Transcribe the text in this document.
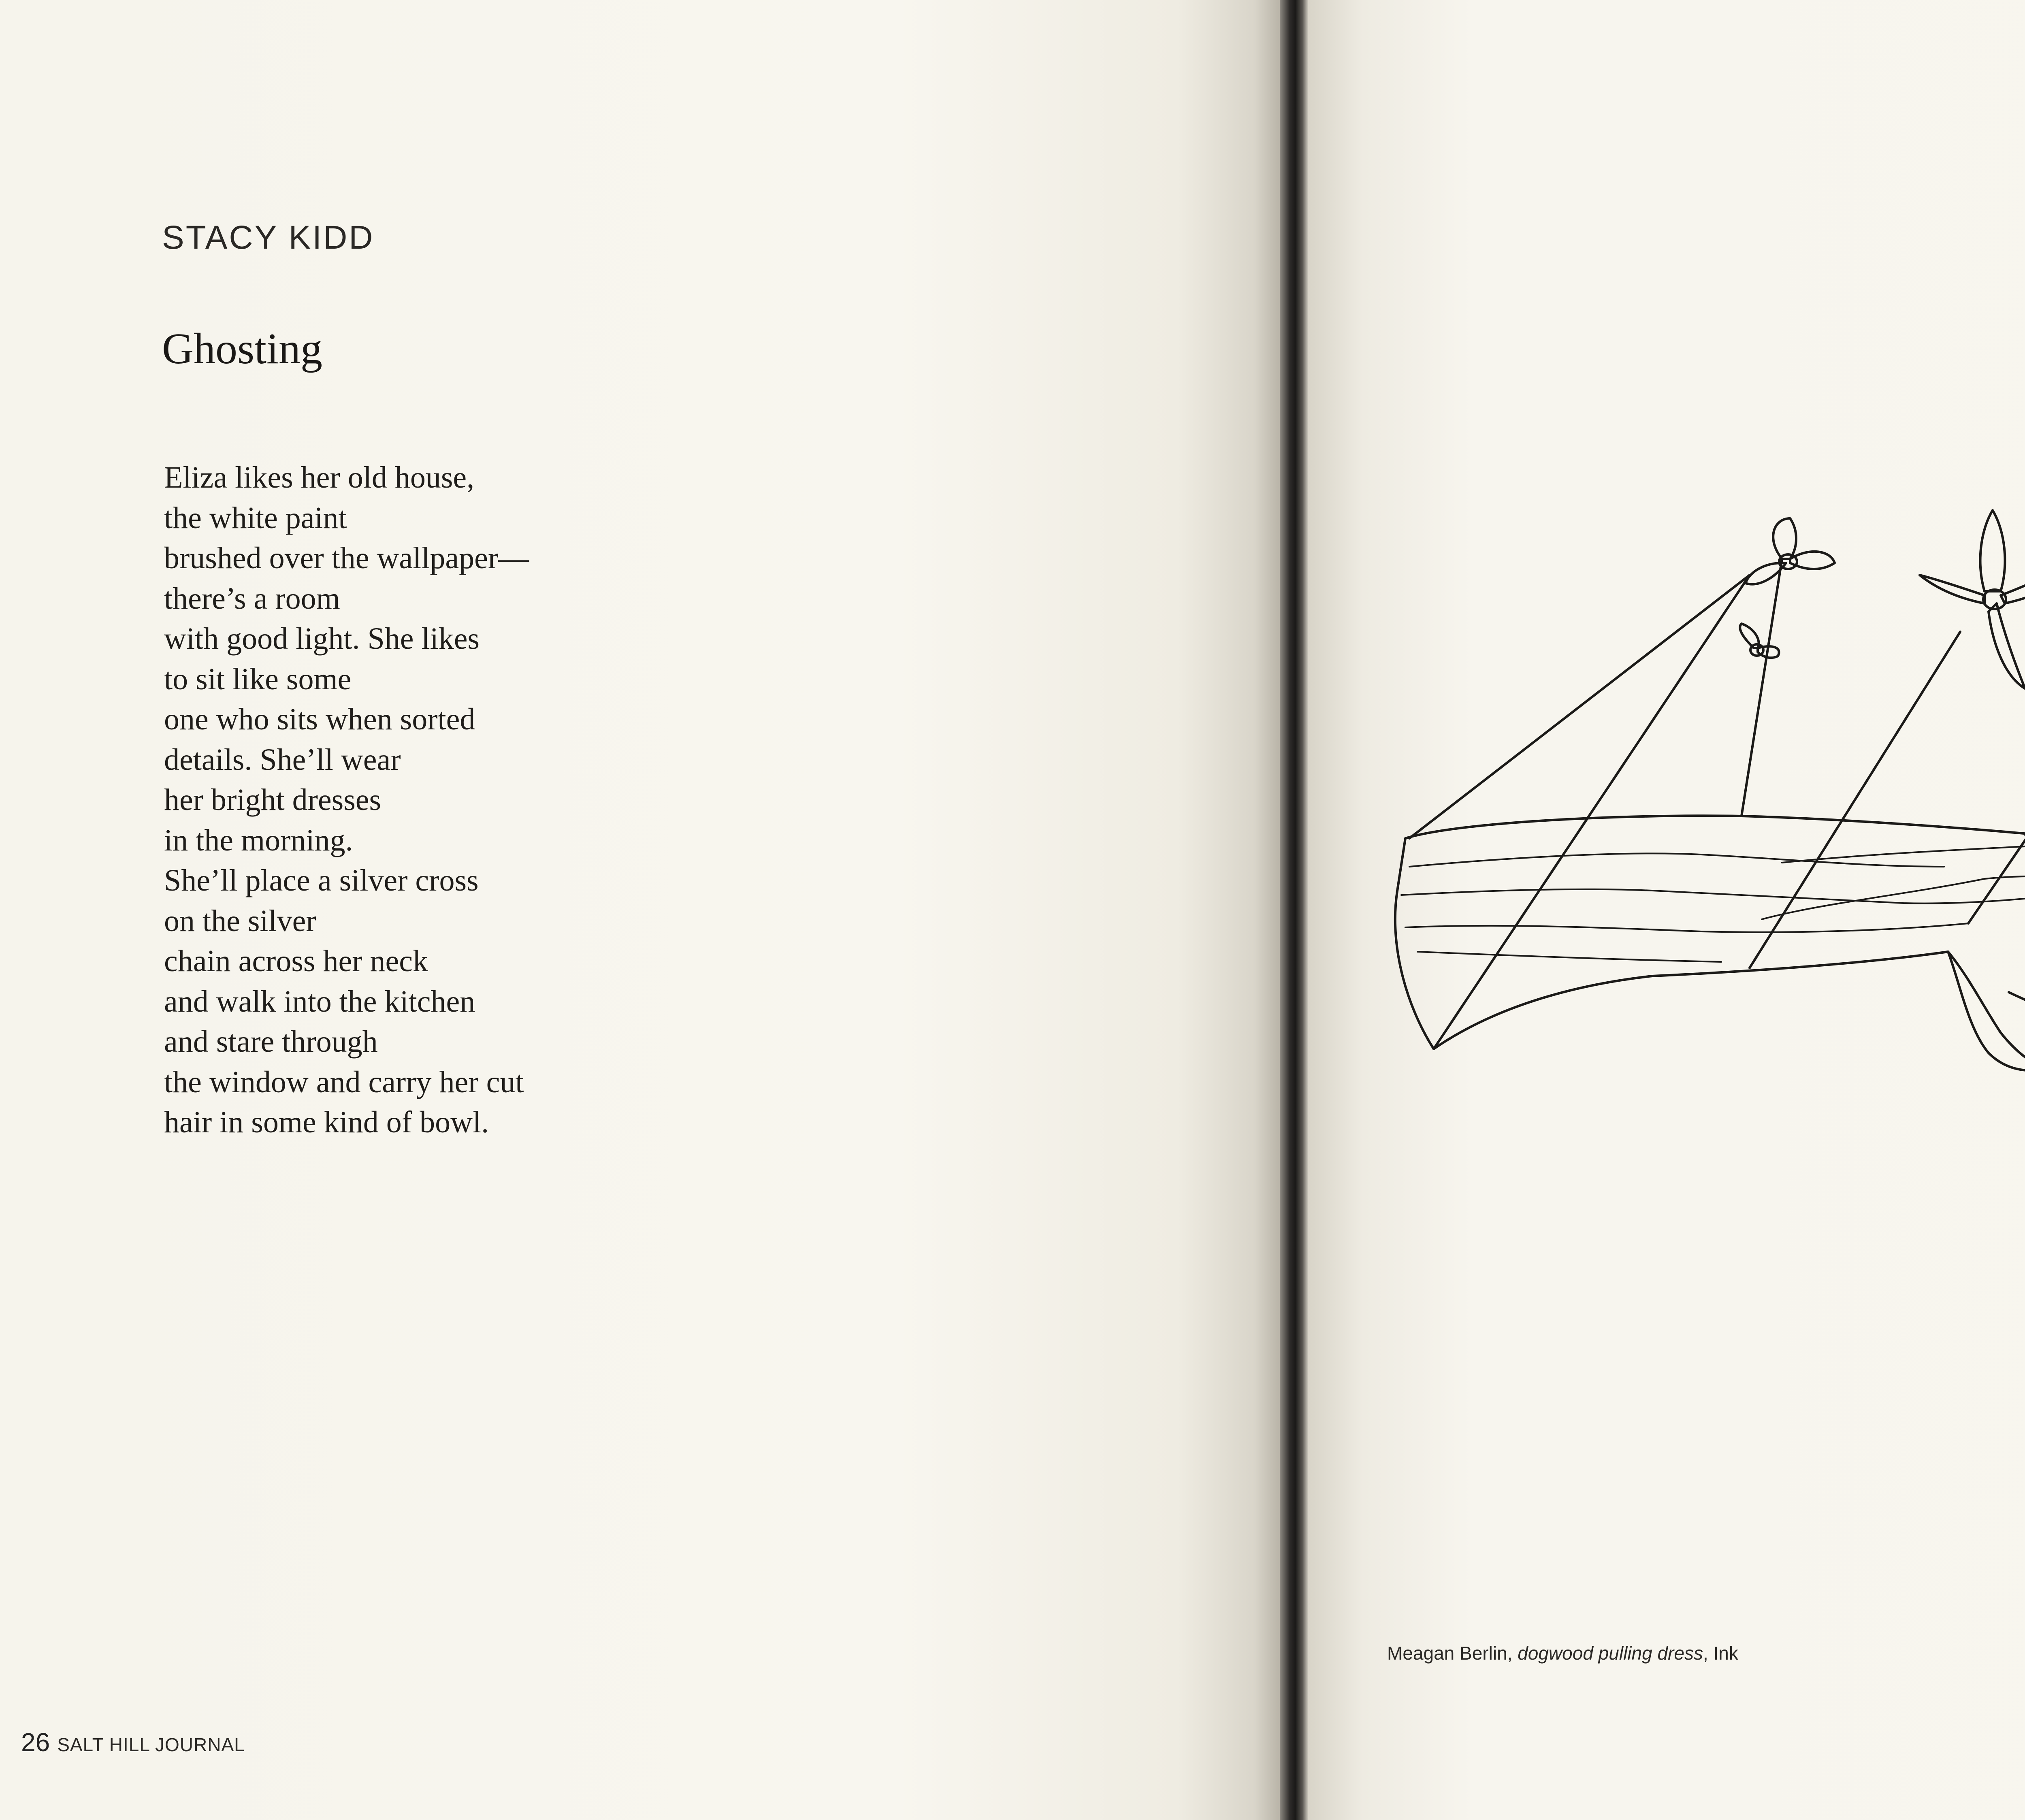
STACY KIDD

Ghosting
Eliza likes her old house,
the white paint
brushed over the wallpaper—
there’s a room
with good light. She likes
to sit like some
one who sits when sorted
details. She’ll wear
her bright dresses
in the morning.
She’ll place a silver cross
on the silver
chain across her neck
and walk into the kitchen
and stare through
the window and carry her cut
hair in some kind of bowl.
26 SALT HILL JOURNAL
Meagan Berlin, dogwood pulling dress, Ink
